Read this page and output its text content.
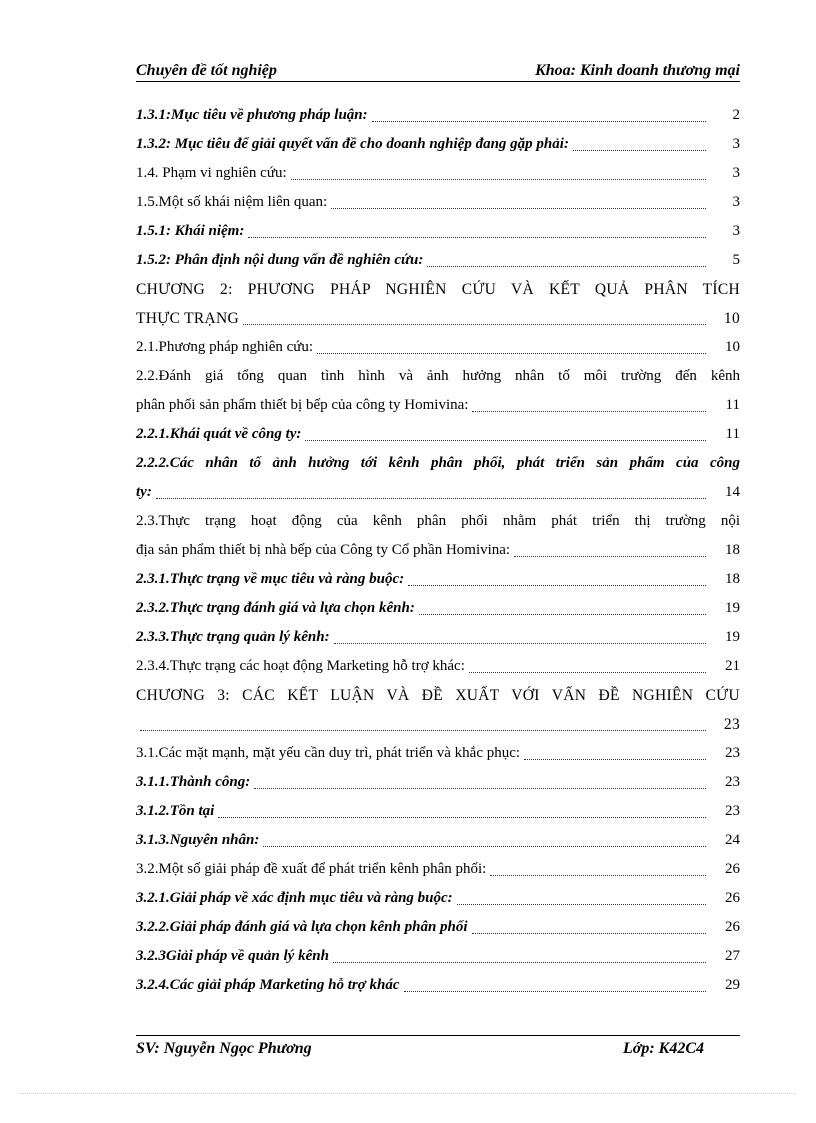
Chuyên đề tốt nghiệp	Khoa: Kinh doanh thương mại
1.3.1:Mục tiêu về phương pháp luận:	2
1.3.2: Mục tiêu để giải quyết vấn đề cho doanh nghiệp đang gặp phải:	3
1.4. Phạm vi nghiên cứu:	3
1.5.Một số khái niệm liên quan:	3
1.5.1: Khái niệm:	3
1.5.2: Phân định nội dung vấn đề nghiên cứu:	5
CHƯƠNG 2: PHƯƠNG PHÁP NGHIÊN CỨU VÀ KẾT QUẢ PHÂN TÍCH
THỰC TRẠNG	10
2.1.Phương pháp nghiên cứu:	10
2.2.Đánh giá tổng quan tình hình và ảnh hưởng nhân tố môi trường đến kênh
phân phối sản phẩm thiết bị bếp của công ty Homivina:	11
2.2.1.Khái quát về công ty:	11
2.2.2.Các nhân tố ảnh hưởng tới kênh phân phối, phát triển sản phẩm của công
ty:	14
2.3.Thực trạng hoạt động của kênh phân phối nhằm phát triển thị trường nội
địa sản phẩm thiết bị nhà bếp của Công ty Cổ phần Homivina:	18
2.3.1.Thực trạng về mục tiêu và ràng buộc:	18
2.3.2.Thực trạng đánh giá và lựa chọn kênh:	19
2.3.3.Thực trạng quản lý kênh:	19
2.3.4.Thực trạng các hoạt động Marketing hỗ trợ khác:	21
CHƯƠNG 3: CÁC KẾT LUẬN VÀ ĐỀ XUẤT VỚI VẤN ĐỀ NGHIÊN CỨU
23
3.1.Các mặt mạnh, mặt yếu cần duy trì, phát triển và khắc phục:	23
3.1.1.Thành công:	23
3.1.2.Tồn tại	23
3.1.3.Nguyên nhân:	24
3.2.Một số giải pháp đề xuất để phát triển kênh phân phối:	26
3.2.1.Giải pháp về xác định mục tiêu và ràng buộc:	26
3.2.2.Giải pháp đánh giá và lựa chọn kênh phân phối	26
3.2.3Giải pháp về quản lý kênh	27
3.2.4.Các giải pháp Marketing hỗ trợ khác	29
SV: Nguyễn Ngọc Phương	Lớp: K42C4
